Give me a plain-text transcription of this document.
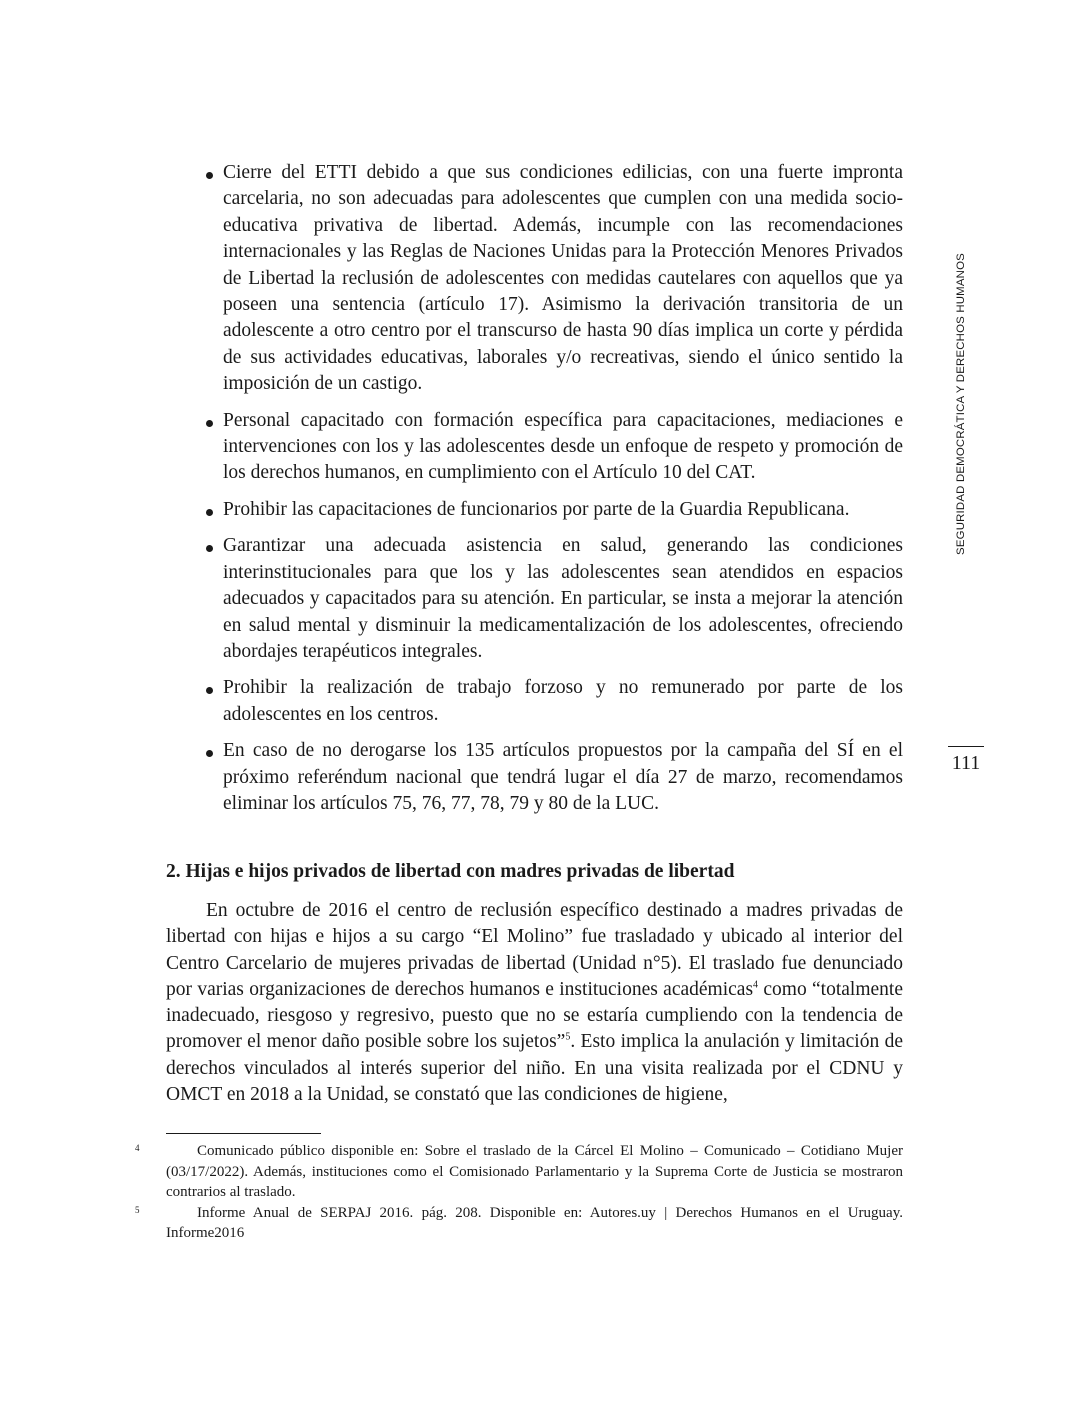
Cierre del ETTI debido a que sus condiciones edilicias, con una fuerte impronta carcelaria, no son adecuadas para adolescentes que cumplen con una medida socio-educativa privativa de libertad. Además, incumple con las recomendaciones internacionales y las Reglas de Naciones Unidas para la Protección Menores Privados de Libertad la reclusión de adolescentes con medidas cautelares con aquellos que ya poseen una sentencia (artículo 17). Asimismo la derivación transitoria de un adolescente a otro centro por el transcurso de hasta 90 días implica un corte y pérdida de sus actividades educativas, laborales y/o recreativas, siendo el único sentido la imposición de un castigo.
Personal capacitado con formación específica para capacitaciones, mediaciones e intervenciones con los y las adolescentes desde un enfoque de respeto y promoción de los derechos humanos, en cumplimiento con el Artículo 10 del CAT.
Prohibir las capacitaciones de funcionarios por parte de la Guardia Republicana.
Garantizar una adecuada asistencia en salud, generando las condiciones interinstitucionales para que los y las adolescentes sean atendidos en espacios adecuados y capacitados para su atención. En particular, se insta a mejorar la atención en salud mental y disminuir la medicamentalización de los adolescentes, ofreciendo abordajes terapéuticos integrales.
Prohibir la realización de trabajo forzoso y no remunerado por parte de los adolescentes en los centros.
En caso de no derogarse los 135 artículos propuestos por la campaña del SÍ en el próximo referéndum nacional que tendrá lugar el día 27 de marzo, recomendamos eliminar los artículos 75, 76, 77, 78, 79 y 80 de la LUC.
2. Hijas e hijos privados de libertad con madres privadas de libertad

En octubre de 2016 el centro de reclusión específico destinado a madres privadas de libertad con hijas e hijos a su cargo “El Molino” fue trasladado y ubicado al interior del Centro Carcelario de mujeres privadas de libertad (Unidad n°5). El traslado fue denunciado por varias organizaciones de derechos humanos e instituciones académicas$^4$ como “totalmente inadecuado, riesgoso y regresivo, puesto que no se estaría cumpliendo con la tendencia de promover el menor daño posible sobre los sujetos”$^5$. Esto implica la anulación y limitación de derechos vinculados al interés superior del niño. En una visita realizada por el CDNU y OMCT en 2018 a la Unidad, se constató que las condiciones de higiene,

4	Comunicado público disponible en: Sobre el traslado de la Cárcel El Molino – Comunicado – Cotidiano Mujer (03/17/2022). Además, instituciones como el Comisionado Parlamentario y la Suprema Corte de Justicia se mostraron contrarios al traslado.

5	Informe Anual de SERPAJ 2016. pág. 208. Disponible en: Autores.uy | Derechos Humanos en el Uruguay. Informe2016

SEGURIDAD DEMOCRÁTICA Y DERECHOS HUMANOS
111
